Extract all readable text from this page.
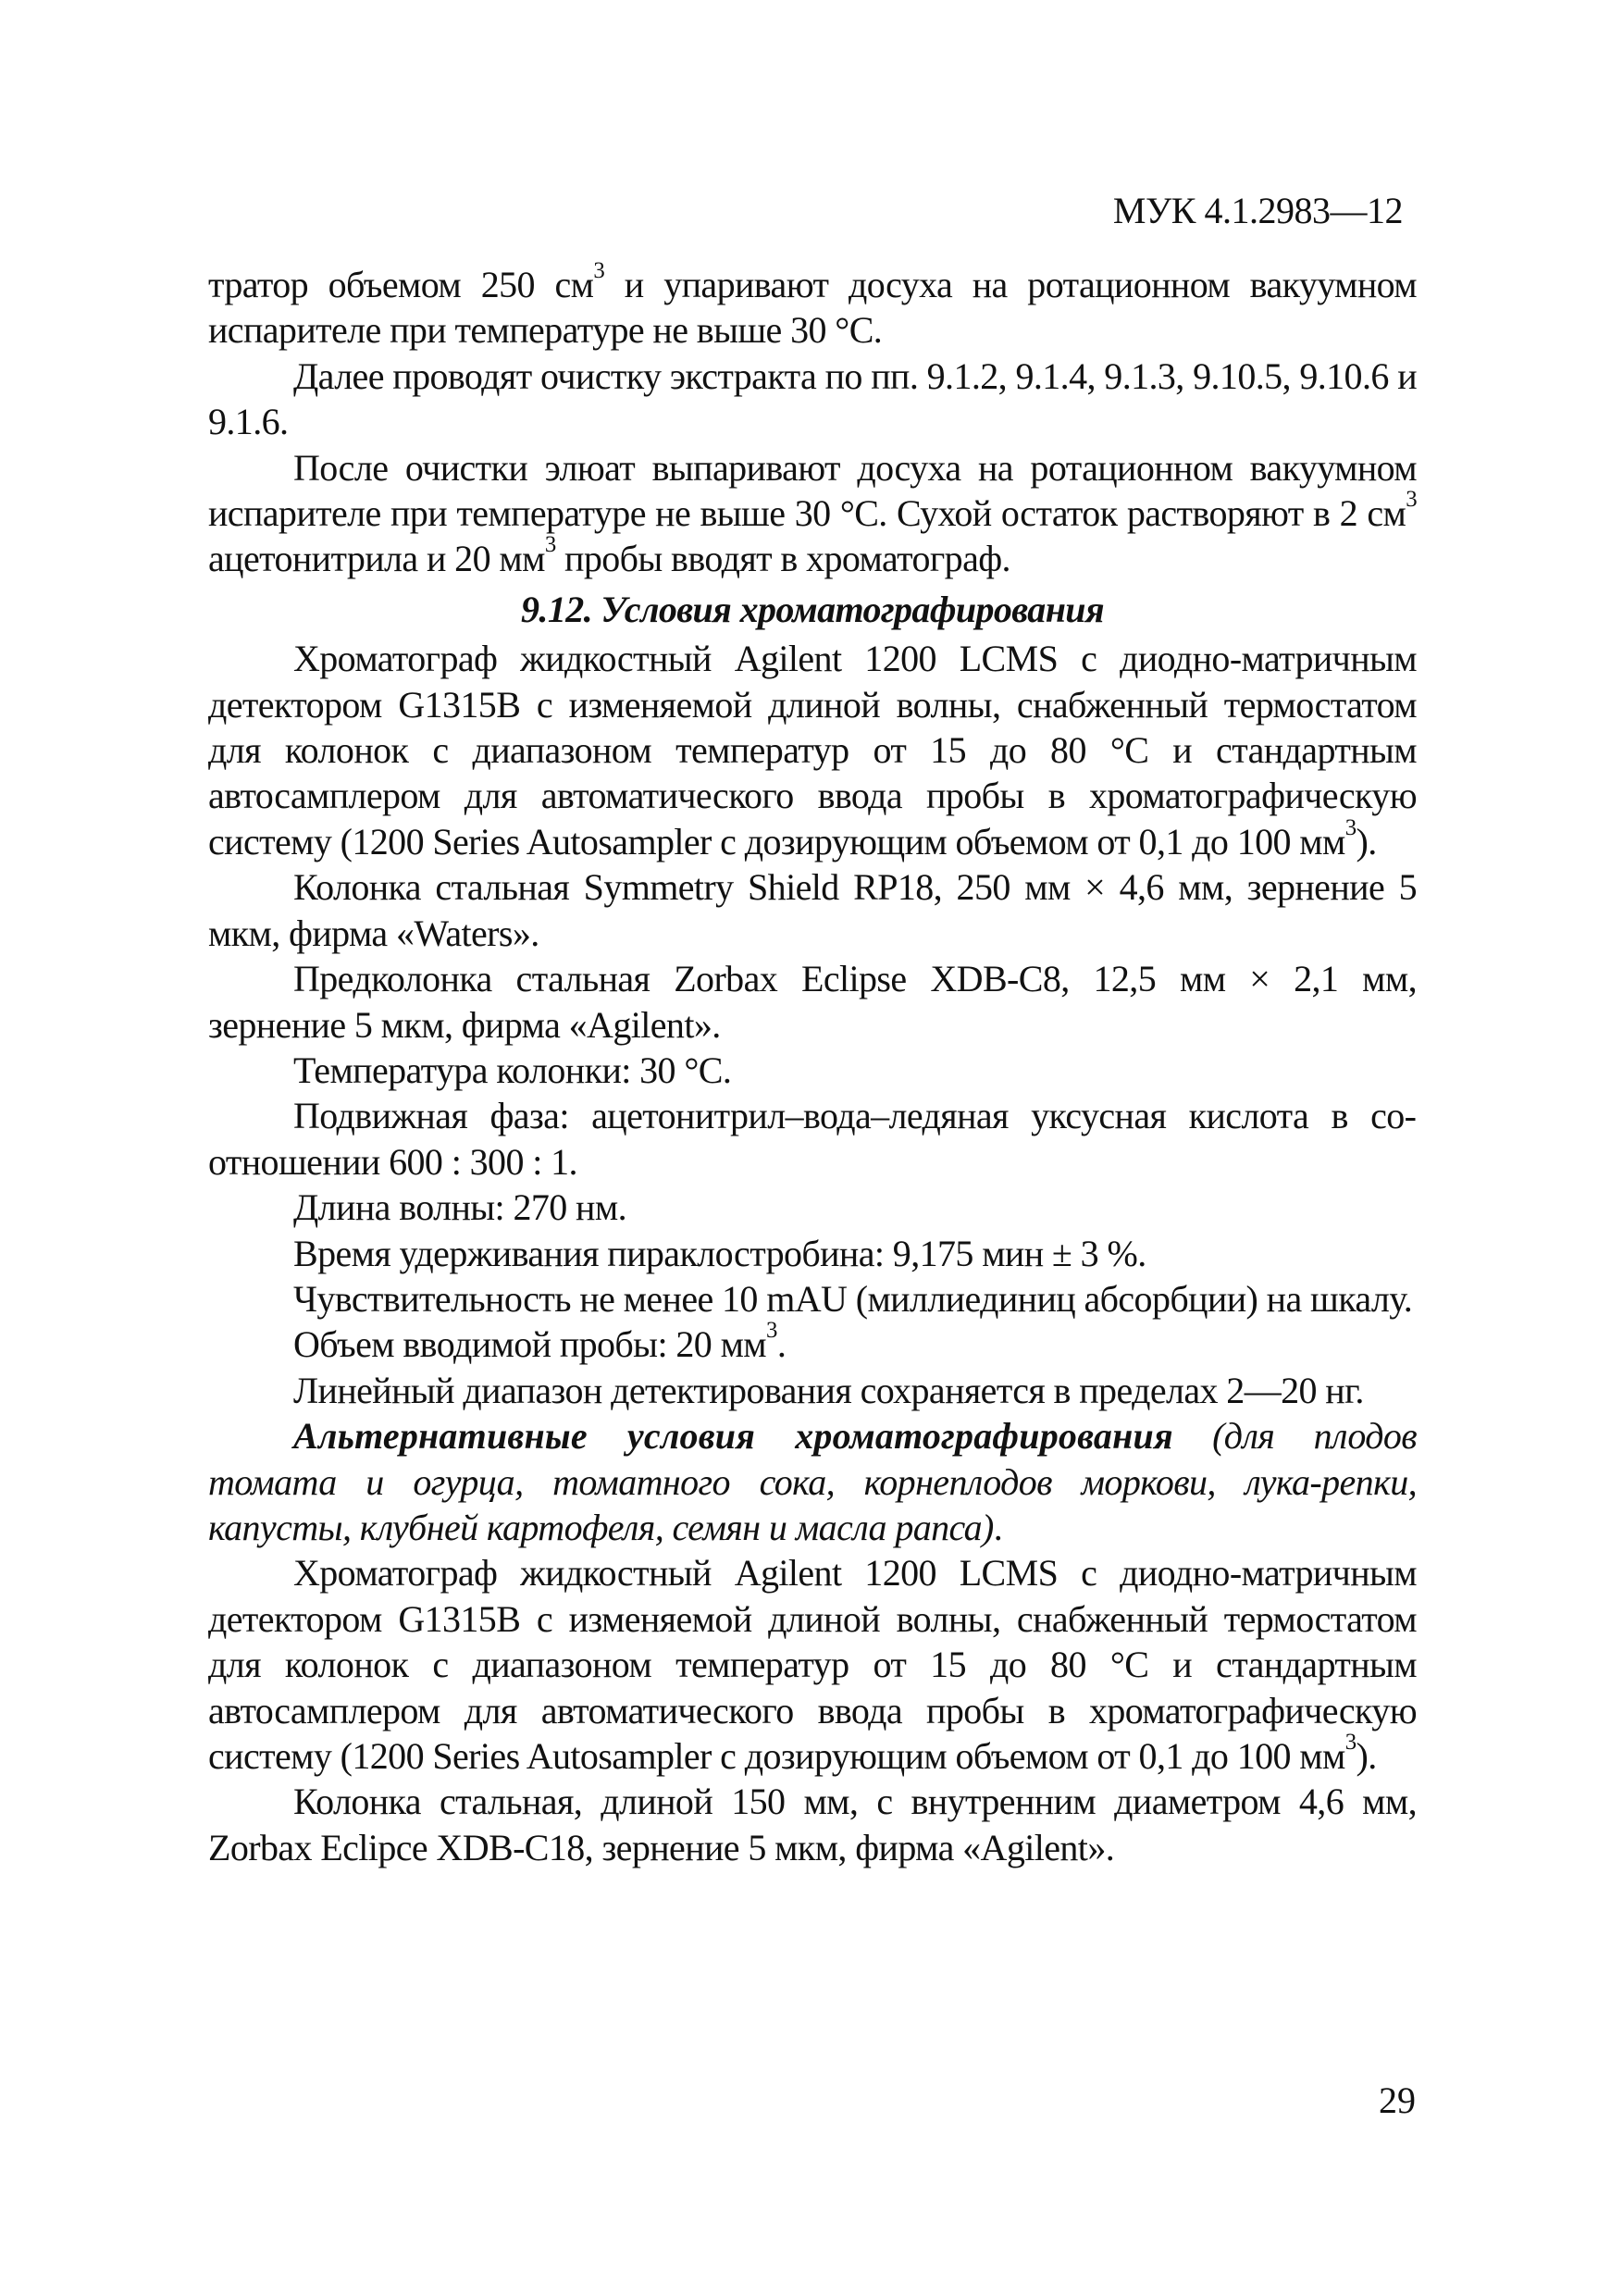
МУК 4.1.2983—12

тратор объемом 250 $см^3$ и упаривают досуха на ротационном вакуумном испарителе при температуре не выше 30 °С.

Далее проводят очистку экстракта по пп. 9.1.2, 9.1.4, 9.1.3, 9.10.5, 9.10.6 и 9.1.6.

После очистки элюат выпаривают досуха на ротационном вакуумном испарителе при температуре не выше 30 °С. Сухой остаток растворяют в 2 $см^3$ ацетонитрила и 20 $мм^3$ пробы вводят в хроматограф.

9.12. Условия хроматографирования

Хроматограф жидкостный Agilent 1200 LCMS с диодно-матричным детектором G1315B с изменяемой длиной волны, снабженный термостатом для колонок с диапазоном температур от 15 до 80 °С и стандартным автосамплером для автоматического ввода пробы в хроматографическую систему (1200 Series Autosampler с дозирующим объемом от 0,1 до 100 $мм^3$).

Колонка стальная Symmetry Shield RP18, 250 мм × 4,6 мм, зернение 5 мкм, фирма «Waters».

Предколонка стальная Zorbax Eclipse XDB-C8, 12,5 мм × 2,1 мм, зернение 5 мкм, фирма «Agilent».

Температура колонки: 30 °С.

Подвижная фаза: ацетонитрил–вода–ледяная уксусная кислота в соотношении 600 : 300 : 1.

Длина волны: 270 нм.

Время удерживания пираклостробина: 9,175 мин ± 3 %.

Чувствительность не менее 10 mAU (миллиединиц абсорбции) на шкалу.

Объем вводимой пробы: 20 $мм^3$.

Линейный диапазон детектирования сохраняется в пределах 2—20 нг.

Альтернативные условия хроматографирования (для плодов томата и огурца, томатного сока, корнеплодов моркови, лука-репки, капусты, клубней картофеля, семян и масла рапса).

Хроматограф жидкостный Agilent 1200 LCMS с диодно-матричным детектором G1315B с изменяемой длиной волны, снабженный термостатом для колонок с диапазоном температур от 15 до 80 °С и стандартным автосамплером для автоматического ввода пробы в хроматографическую систему (1200 Series Autosampler с дозирующим объемом от 0,1 до 100 $мм^3$).

Колонка стальная, длиной 150 мм, с внутренним диаметром 4,6 мм, Zorbax Eclipce XDB-C18, зернение 5 мкм, фирма «Agilent».

29
